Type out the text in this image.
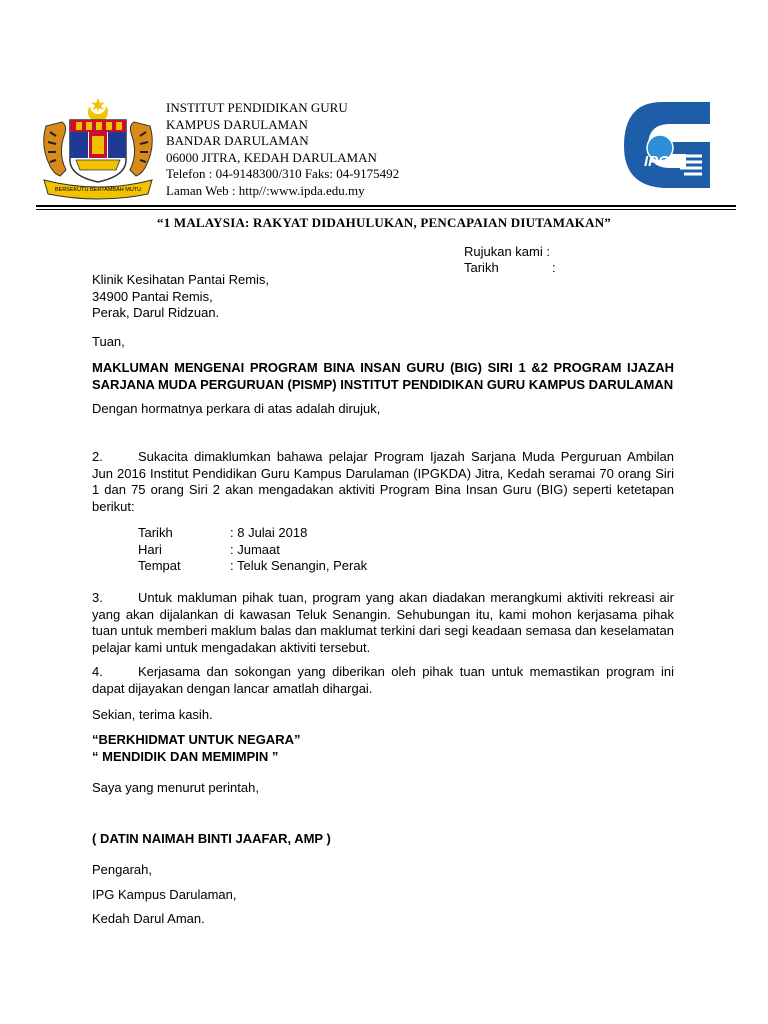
BERSEKUTU BERTAMBAH MUTU
INSTITUT PENDIDIKAN GURU
KAMPUS DARULAMAN
BANDAR DARULAMAN
06000 JITRA, KEDAH DARULAMAN
Telefon : 04-9148300/310 Faks: 04-9175492
Laman Web : http//:www.ipda.edu.my
IPG
“1 MALAYSIA: RAKYAT DIDAHULUKAN, PENCAPAIAN DIUTAMAKAN”
Rujukan kami :
Tarikh	:
Klinik Kesihatan Pantai Remis,
34900 Pantai Remis,
Perak, Darul Ridzuan.
Tuan,
MAKLUMAN MENGENAI PROGRAM BINA INSAN GURU (BIG) SIRI 1 &2 PROGRAM IJAZAH SARJANA MUDA PERGURUAN (PISMP) INSTITUT PENDIDIKAN GURU KAMPUS DARULAMAN
Dengan hormatnya perkara di atas adalah dirujuk,
2.	Sukacita dimaklumkan bahawa pelajar Program Ijazah Sarjana Muda Perguruan Ambilan Jun 2016 Institut Pendidikan Guru Kampus Darulaman (IPGKDA) Jitra, Kedah seramai 70 orang Siri 1 dan 75 orang Siri 2 akan mengadakan aktiviti Program Bina Insan Guru (BIG) seperti ketetapan berikut:
Tarikh	: 8 Julai 2018
Hari	: Jumaat
Tempat	: Teluk Senangin, Perak
3.	Untuk makluman pihak tuan, program yang akan diadakan merangkumi aktiviti rekreasi air yang akan dijalankan di kawasan Teluk Senangin. Sehubungan itu, kami mohon kerjasama pihak tuan untuk memberi maklum balas dan maklumat terkini dari segi keadaan semasa dan keselamatan pelajar kami untuk mengadakan aktiviti tersebut.
4.	Kerjasama dan sokongan yang diberikan oleh pihak tuan untuk memastikan program ini dapat dijayakan dengan lancar amatlah dihargai.
Sekian, terima kasih.
“BERKHIDMAT UNTUK NEGARA”
“ MENDIDIK DAN MEMIMPIN ”
Saya yang menurut perintah,
( DATIN NAIMAH BINTI JAAFAR, AMP )
Pengarah,
IPG Kampus Darulaman,
Kedah Darul Aman.
